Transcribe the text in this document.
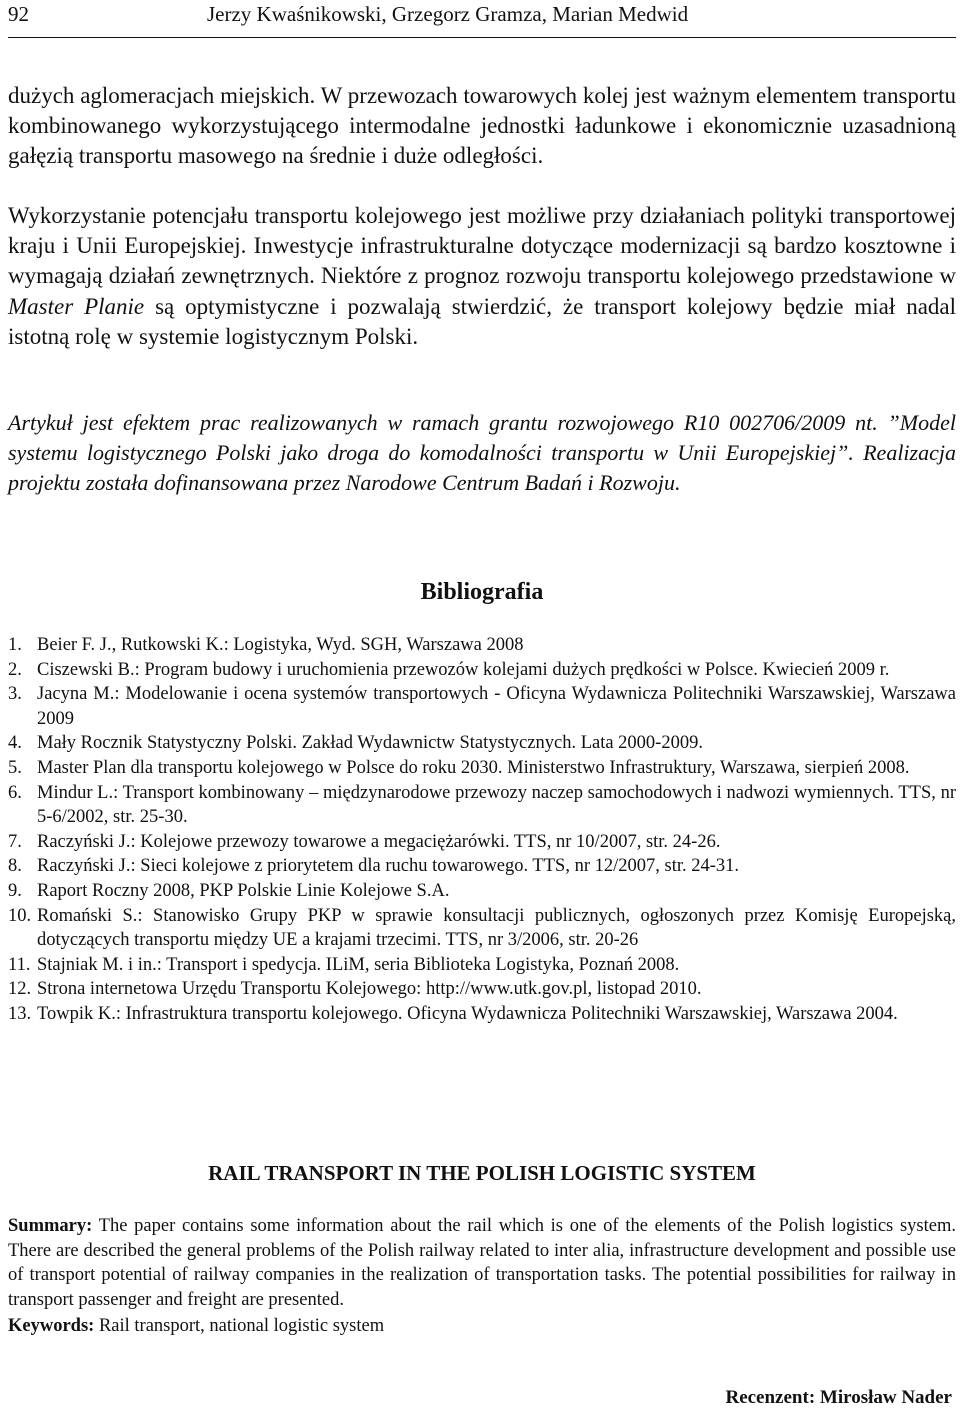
92	Jerzy Kwaśnikowski, Grzegorz Gramza, Marian Medwid

dużych aglomeracjach miejskich. W przewozach towarowych kolej jest ważnym elementem transportu kombinowanego wykorzystującego intermodalne jednostki ładunkowe i ekonomicznie uzasadnioną gałęzią transportu masowego na średnie i duże odległości.

Wykorzystanie potencjału transportu kolejowego jest możliwe przy działaniach polityki transportowej kraju i Unii Europejskiej. Inwestycje infrastrukturalne dotyczące modernizacji są bardzo kosztowne i wymagają działań zewnętrznych. Niektóre z prognoz rozwoju transportu kolejowego przedstawione w Master Planie są optymistyczne i pozwalają stwierdzić, że transport kolejowy będzie miał nadal istotną rolę w systemie logistycznym Polski.

Artykuł jest efektem prac realizowanych w ramach grantu rozwojowego R10 002706/2009 nt. ”Model systemu logistycznego Polski jako droga do komodalności transportu w Unii Europejskiej”. Realizacja projektu została dofinansowana przez Narodowe Centrum Badań i Rozwoju.
Bibliografia
1. Beier F. J., Rutkowski K.: Logistyka, Wyd. SGH, Warszawa 2008
2. Ciszewski B.: Program budowy i uruchomienia przewozów kolejami dużych prędkości w Polsce. Kwiecień 2009 r.
3. Jacyna M.: Modelowanie i ocena systemów transportowych - Oficyna Wydawnicza Politechniki Warszawskiej, Warszawa 2009
4. Mały Rocznik Statystyczny Polski. Zakład Wydawnictw Statystycznych. Lata 2000-2009.
5. Master Plan dla transportu kolejowego w Polsce do roku 2030. Ministerstwo Infrastruktury, Warszawa, sierpień 2008.
6. Mindur L.: Transport kombinowany – międzynarodowe przewozy naczep samochodowych i nadwozi wymiennych. TTS, nr 5-6/2002, str. 25-30.
7. Raczyński J.: Kolejowe przewozy towarowe a megaciężarówki. TTS, nr 10/2007, str. 24-26.
8. Raczyński J.: Sieci kolejowe z priorytetem dla ruchu towarowego. TTS, nr 12/2007, str. 24-31.
9. Raport Roczny 2008, PKP Polskie Linie Kolejowe S.A.
10. Romański S.: Stanowisko Grupy PKP w sprawie konsultacji publicznych, ogłoszonych przez Komisję Europejską, dotyczących transportu między UE a krajami trzecimi. TTS, nr 3/2006, str. 20-26
11. Stajniak M. i in.: Transport i spedycja. ILiM, seria Biblioteka Logistyka, Poznań 2008.
12. Strona internetowa Urzędu Transportu Kolejowego: http://www.utk.gov.pl, listopad 2010.
13. Towpik K.: Infrastruktura transportu kolejowego. Oficyna Wydawnicza Politechniki Warszawskiej, Warszawa 2004.
RAIL TRANSPORT IN THE POLISH LOGISTIC SYSTEM
Summary: The paper contains some information about the rail which is one of the elements of the Polish logistics system. There are described the general problems of the Polish railway related to inter alia, infrastructure development and possible use of transport potential of railway companies in the realization of transportation tasks. The potential possibilities for railway in transport passenger and freight are presented.
Keywords: Rail transport, national logistic system
Recenzent: Mirosław Nader
